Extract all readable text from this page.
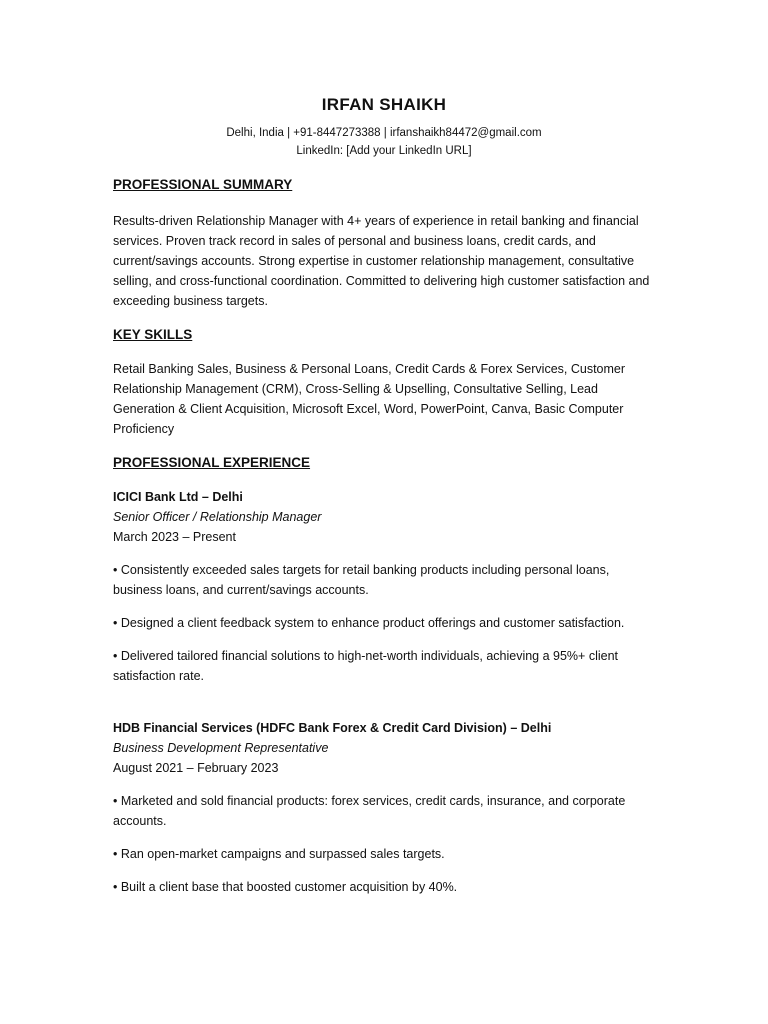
IRFAN SHAIKH

Delhi, India | +91-8447273388 | irfanshaikh84472@gmail.com

LinkedIn: [Add your LinkedIn URL]

PROFESSIONAL SUMMARY

Results-driven Relationship Manager with 4+ years of experience in retail banking and financial services. Proven track record in sales of personal and business loans, credit cards, and current/savings accounts. Strong expertise in customer relationship management, consultative selling, and cross-functional coordination. Committed to delivering high customer satisfaction and exceeding business targets.

KEY SKILLS

Retail Banking Sales, Business & Personal Loans, Credit Cards & Forex Services, Customer Relationship Management (CRM), Cross-Selling & Upselling, Consultative Selling, Lead Generation & Client Acquisition, Microsoft Excel, Word, PowerPoint, Canva, Basic Computer Proficiency

PROFESSIONAL EXPERIENCE

ICICI Bank Ltd – Delhi

Senior Officer / Relationship Manager

March 2023 – Present

• Consistently exceeded sales targets for retail banking products including personal loans, business loans, and current/savings accounts.

• Designed a client feedback system to enhance product offerings and customer satisfaction.

• Delivered tailored financial solutions to high-net-worth individuals, achieving a 95%+ client satisfaction rate.

HDB Financial Services (HDFC Bank Forex & Credit Card Division) – Delhi

Business Development Representative

August 2021 – February 2023

• Marketed and sold financial products: forex services, credit cards, insurance, and corporate accounts.

• Ran open-market campaigns and surpassed sales targets.

• Built a client base that boosted customer acquisition by 40%.
